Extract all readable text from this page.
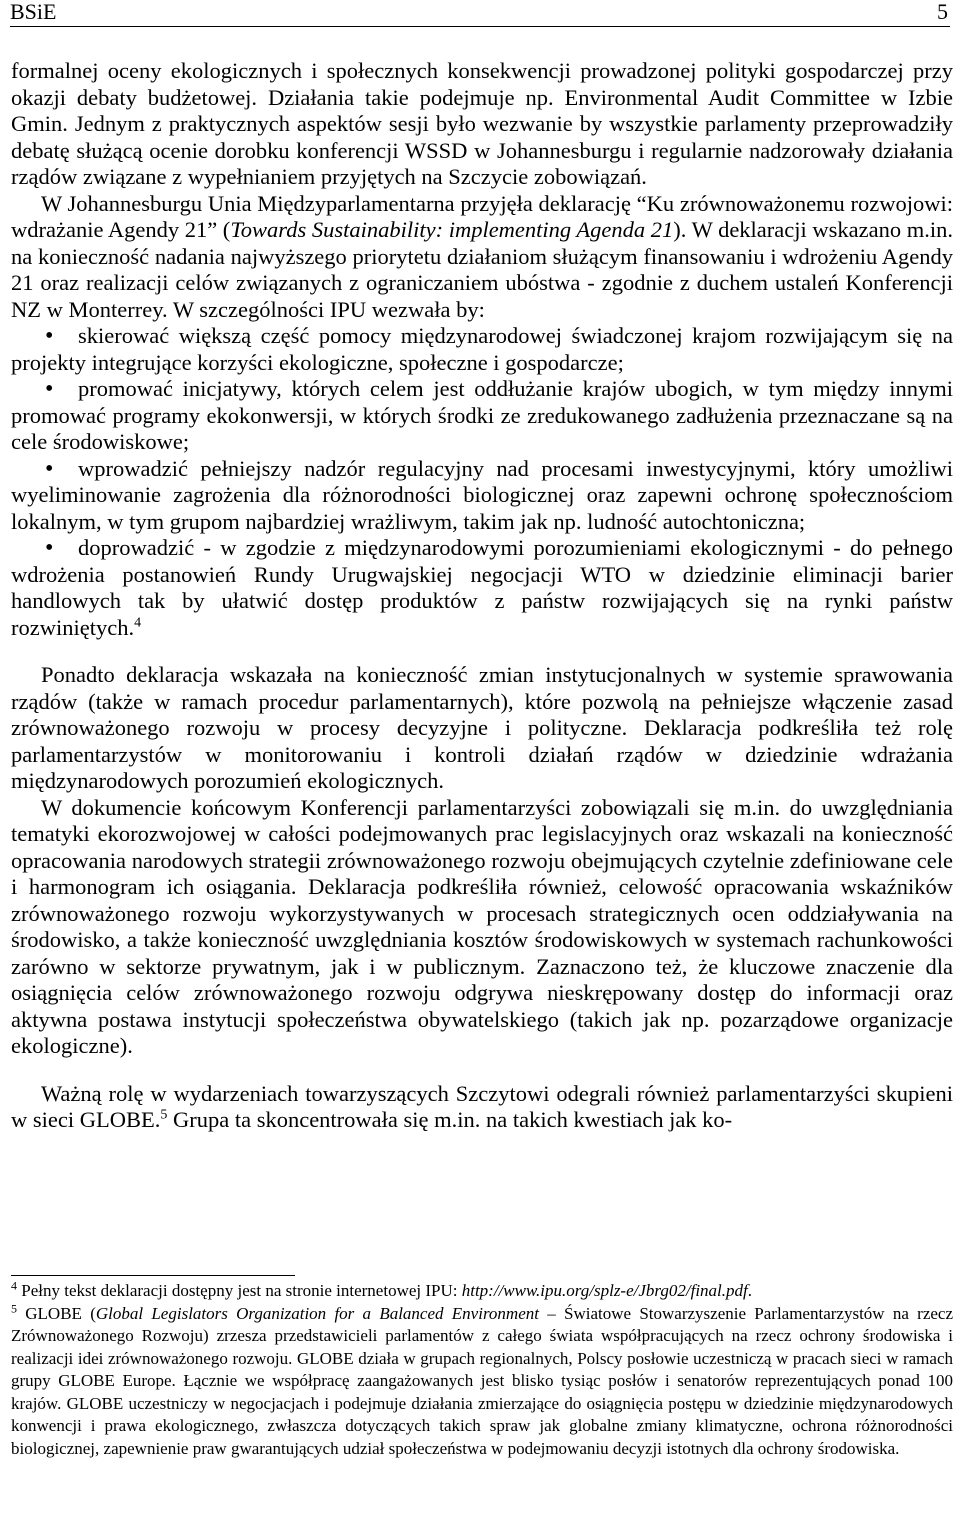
BSiE	5

formalnej oceny ekologicznych i społecznych konsekwencji prowadzonej polityki gospodarczej przy okazji debaty budżetowej. Działania takie podejmuje np. Environmental Audit Committee w Izbie Gmin. Jednym z praktycznych aspektów sesji było wezwanie by wszystkie parlamenty przeprowadziły debatę służącą ocenie dorobku konferencji WSSD w Johannesburgu i regularnie nadzorowały działania rządów związane z wypełnianiem przyjętych na Szczycie zobowiązań.

W Johannesburgu Unia Międzyparlamentarna przyjęła deklarację “Ku zrównoważonemu rozwojowi: wdrażanie Agendy 21” (Towards Sustainability: implementing Agenda 21). W deklaracji wskazano m.in. na konieczność nadania najwyższego priorytetu działaniom służącym finansowaniu i wdrożeniu Agendy 21 oraz realizacji celów związanych z ograniczaniem ubóstwa - zgodnie z duchem ustaleń Konferencji NZ w Monterrey. W szczególności IPU wezwała by:

• skierować większą część pomocy międzynarodowej świadczonej krajom rozwijającym się na projekty integrujące korzyści ekologiczne, społeczne i gospodarcze;
• promować inicjatywy, których celem jest oddłużanie krajów ubogich, w tym między innymi promować programy ekokonwersji, w których środki ze zredukowanego zadłużenia przeznaczane są na cele środowiskowe;
• wprowadzić pełniejszy nadzór regulacyjny nad procesami inwestycyjnymi, który umożliwi wyeliminowanie zagrożenia dla różnorodności biologicznej oraz zapewni ochronę społecznościom lokalnym, w tym grupom najbardziej wrażliwym, takim jak np. ludność autochtoniczna;
• doprowadzić - w zgodzie z międzynarodowymi porozumieniami ekologicznymi - do pełnego wdrożenia postanowień Rundy Urugwajskiej negocjacji WTO w dziedzinie eliminacji barier handlowych tak by ułatwić dostęp produktów z państw rozwijających się na rynki państw rozwiniętych.$^4$

Ponadto deklaracja wskazała na konieczność zmian instytucjonalnych w systemie sprawowania rządów (także w ramach procedur parlamentarnych), które pozwolą na pełniejsze włączenie zasad zrównoważonego rozwoju w procesy decyzyjne i polityczne. Deklaracja podkreśliła też rolę parlamentarzystów w monitorowaniu i kontroli działań rządów w dziedzinie wdrażania międzynarodowych porozumień ekologicznych.

W dokumencie końcowym Konferencji parlamentarzyści zobowiązali się m.in. do uwzględniania tematyki ekorozwojowej w całości podejmowanych prac legislacyjnych oraz wskazali na konieczność opracowania narodowych strategii zrównoważonego rozwoju obejmujących czytelnie zdefiniowane cele i harmonogram ich osiągania. Deklaracja podkreśliła również, celowość opracowania wskaźników zrównoważonego rozwoju wykorzystywanych w procesach strategicznych ocen oddziaływania na środowisko, a także konieczność uwzględniania kosztów środowiskowych w systemach rachunkowości zarówno w sektorze prywatnym, jak i w publicznym. Zaznaczono też, że kluczowe znaczenie dla osiągnięcia celów zrównoważonego rozwoju odgrywa nieskrępowany dostęp do informacji oraz aktywna postawa instytucji społeczeństwa obywatelskiego (takich jak np. pozarządowe organizacje ekologiczne).

Ważną rolę w wydarzeniach towarzyszących Szczytowi odegrali również parlamentarzyści skupieni w sieci GLOBE.$^5$ Grupa ta skoncentrowała się m.in. na takich kwestiach jak ko-

$^4$ Pełny tekst deklaracji dostępny jest na stronie internetowej IPU: http://www.ipu.org/splz-e/Jbrg02/final.pdf.

$^5$ GLOBE (Global Legislators Organization for a Balanced Environment – Światowe Stowarzyszenie Parlamentarzystów na rzecz Zrównoważonego Rozwoju) zrzesza przedstawicieli parlamentów z całego świata współpracujących na rzecz ochrony środowiska i realizacji idei zrównoważonego rozwoju. GLOBE działa w grupach regionalnych, Polscy posłowie uczestniczą w pracach sieci w ramach grupy GLOBE Europe. Łącznie we współpracę zaangażowanych jest blisko tysiąc posłów i senatorów reprezentujących ponad 100 krajów. GLOBE uczestniczy w negocjacjach i podejmuje działania zmierzające do osiągnięcia postępu w dziedzinie międzynarodowych konwencji i prawa ekologicznego, zwłaszcza dotyczących takich spraw jak globalne zmiany klimatyczne, ochrona różnorodności biologicznej, zapewnienie praw gwarantujących udział społeczeństwa w podejmowaniu decyzji istotnych dla ochrony środowiska.
